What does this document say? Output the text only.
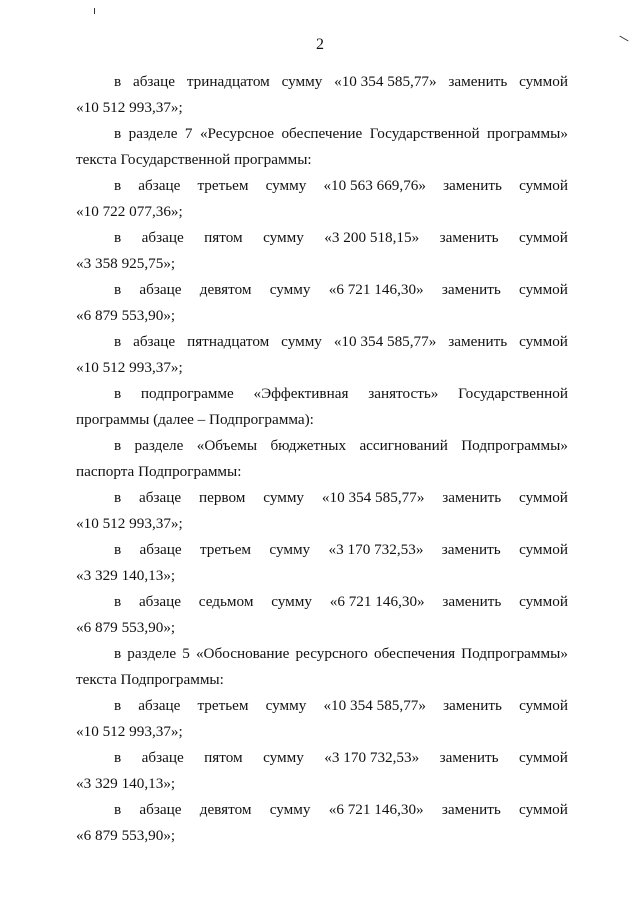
2
в абзаце тринадцатом сумму «10 354 585,77» заменить суммой
«10 512 993,37»;
в разделе 7 «Ресурсное обеспечение Государственной программы»
текста Государственной программы:
в абзаце третьем сумму «10 563 669,76» заменить суммой
«10 722 077,36»;
в абзаце пятом сумму «3 200 518,15» заменить суммой
«3 358 925,75»;
в абзаце девятом сумму «6 721 146,30» заменить суммой
«6 879 553,90»;
в абзаце пятнадцатом сумму «10 354 585,77» заменить суммой
«10 512 993,37»;
в подпрограмме «Эффективная занятость» Государственной
программы (далее – Подпрограмма):
в разделе «Объемы бюджетных ассигнований Подпрограммы»
паспорта Подпрограммы:
в абзаце первом сумму «10 354 585,77» заменить суммой
«10 512 993,37»;
в абзаце третьем сумму «3 170 732,53» заменить суммой
«3 329 140,13»;
в абзаце седьмом сумму «6 721 146,30» заменить суммой
«6 879 553,90»;
в разделе 5 «Обоснование ресурсного обеспечения Подпрограммы»
текста Подпрограммы:
в абзаце третьем сумму «10 354 585,77» заменить суммой
«10 512 993,37»;
в абзаце пятом сумму «3 170 732,53» заменить суммой
«3 329 140,13»;
в абзаце девятом сумму «6 721 146,30» заменить суммой
«6 879 553,90»;
